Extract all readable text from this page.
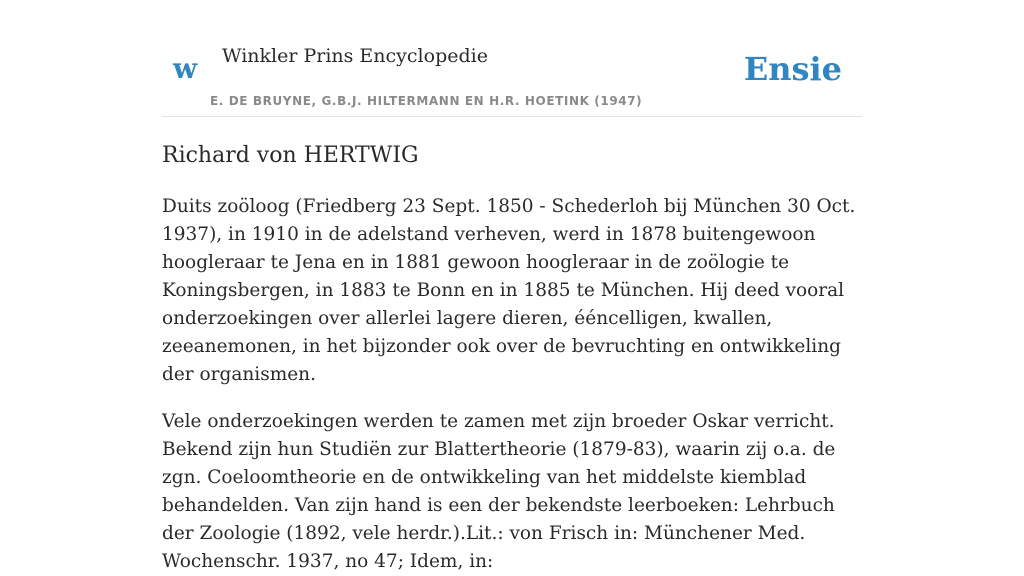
w Winkler Prins Encyclopedie
E. DE BRUYNE, G.B.J. HILTERMANN EN H.R. HOETINK (1947)
Ensie
Richard von HERTWIG

Duits zoöloog (Friedberg 23 Sept. 1850 - Schederloh bij München 30 Oct. 1937), in 1910 in de adelstand verheven, werd in 1878 buitengewoon hoogleraar te Jena en in 1881 gewoon hoogleraar in de zoölogie te Koningsbergen, in 1883 te Bonn en in 1885 te München. Hij deed vooral onderzoekingen over allerlei lagere dieren, ééncelligen, kwallen, zeeanemonen, in het bijzonder ook over de bevruchting en ontwikkeling der organismen.

Vele onderzoekingen werden te zamen met zijn broeder Oskar verricht. Bekend zijn hun Studiën zur Blattertheorie (1879-83), waarin zij o.a. de zgn. Coeloomtheorie en de ontwikkeling van het middelste kiemblad behandelden. Van zijn hand is een der bekendste leerboeken: Lehrbuch der Zoologie (1892, vele herdr.).Lit.: von Frisch in: Münchener Med. Wochenschr. 1937, no 47; Idem, in:
